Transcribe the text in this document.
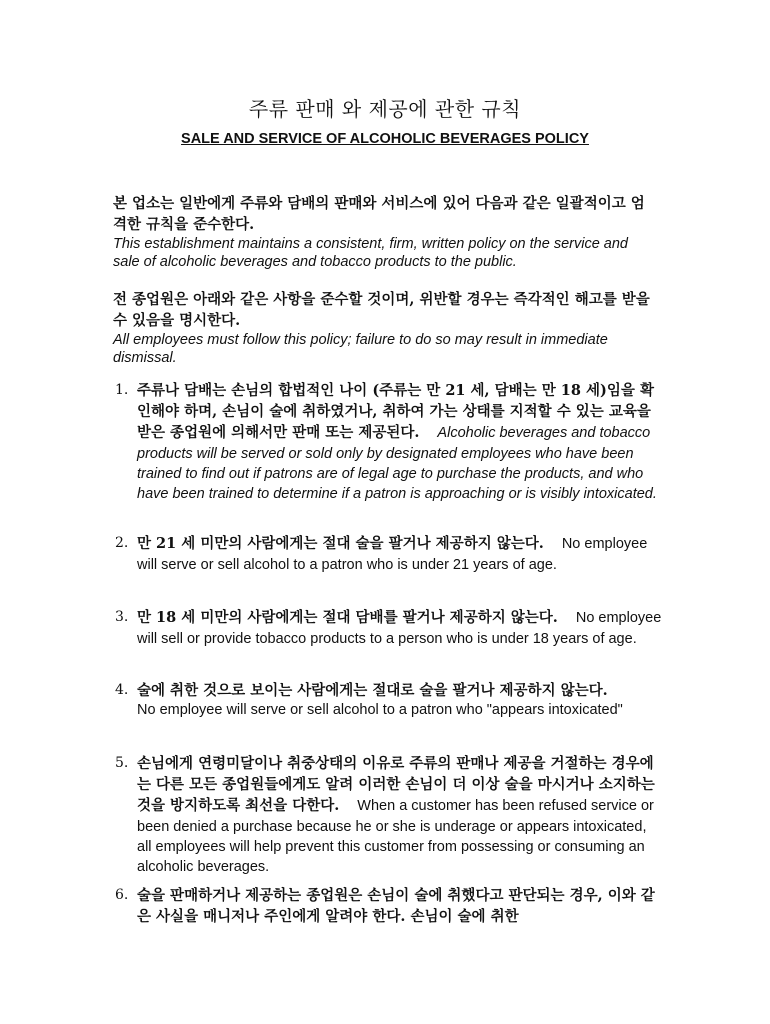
주류 판매 와 제공에 관한 규칙
SALE AND SERVICE OF ALCOHOLIC BEVERAGES POLICY
본 업소는 일반에게 주류와 담배의 판매와 서비스에 있어 다음과 같은 일괄적이고 엄격한 규칙을 준수한다.
This establishment maintains a consistent, firm, written policy on the service and sale of alcoholic beverages and tobacco products to the public.
전 종업원은 아래와 같은 사항을 준수할 것이며, 위반할 경우는 즉각적인 해고를 받을 수 있음을 명시한다.
All employees must follow this policy; failure to do so may result in immediate dismissal.
1. 주류나 담배는 손님의 합법적인 나이 (주류는 만 21 세, 담배는 만 18 세)임을 확인해야 하며, 손님이 술에 취하였거나, 취하여 가는 상태를 지적할 수 있는 교육을 받은 종업원에 의해서만 판매 또는 제공된다. Alcoholic beverages and tobacco products will be served or sold only by designated employees who have been trained to find out if patrons are of legal age to purchase the products, and who have been trained to determine if a patron is approaching or is visibly intoxicated.
2. 만 21 세 미만의 사람에게는 절대 술을 팔거나 제공하지 않는다. No employee will serve or sell alcohol to a patron who is under 21 years of age.
3. 만 18 세 미만의 사람에게는 절대 담배를 팔거나 제공하지 않는다. No employee will sell or provide tobacco products to a person who is under 18 years of age.
4. 술에 취한 것으로 보이는 사람에게는 절대로 술을 팔거나 제공하지 않는다.
No employee will serve or sell alcohol to a patron who "appears intoxicated"
5. 손님에게 연령미달이나 취중상태의 이유로 주류의 판매나 제공을 거절하는 경우에는 다른 모든 종업원들에게도 알려 이러한 손님이 더 이상 술을 마시거나 소지하는 것을 방지하도록 최선을 다한다. When a customer has been refused service or been denied a purchase because he or she is underage or appears intoxicated, all employees will help prevent this customer from possessing or consuming an alcoholic beverages.
6. 술을 판매하거나 제공하는 종업원은 손님이 술에 취했다고 판단되는 경우, 이와 같은 사실을 매니저나 주인에게 알려야 한다. 손님이 술에 취한
